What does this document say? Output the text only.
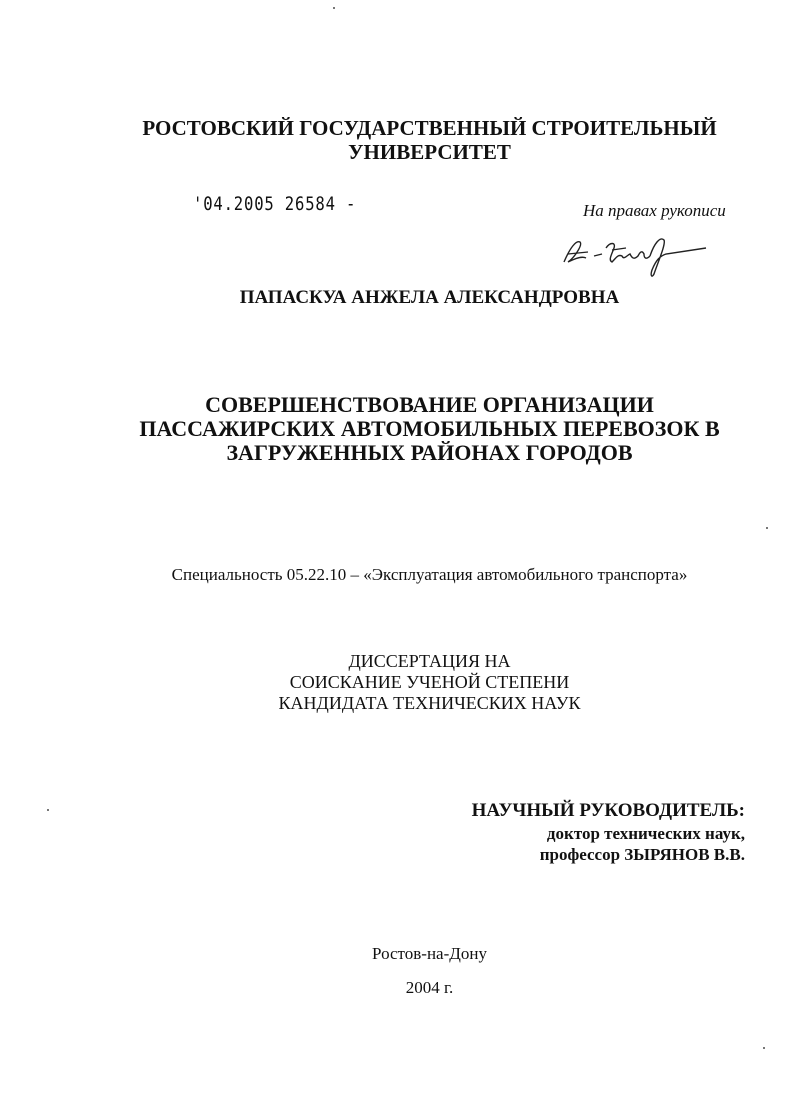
РОСТОВСКИЙ ГОСУДАРСТВЕННЫЙ СТРОИТЕЛЬНЫЙ
УНИВЕРСИТЕТ
'04.2005 26584 -	На правах рукописи
ПАПАСКУА АНЖЕЛА АЛЕКСАНДРОВНА
СОВЕРШЕНСТВОВАНИЕ ОРГАНИЗАЦИИ
ПАССАЖИРСКИХ АВТОМОБИЛЬНЫХ ПЕРЕВОЗОК В
ЗАГРУЖЕННЫХ РАЙОНАХ ГОРОДОВ
Специальность 05.22.10 – «Эксплуатация автомобильного транспорта»
ДИССЕРТАЦИЯ НА
СОИСКАНИЕ УЧЕНОЙ СТЕПЕНИ
КАНДИДАТА ТЕХНИЧЕСКИХ НАУК
НАУЧНЫЙ РУКОВОДИТЕЛЬ:
доктор технических наук,
профессор ЗЫРЯНОВ В.В.
Ростов-на-Дону
2004 г.
